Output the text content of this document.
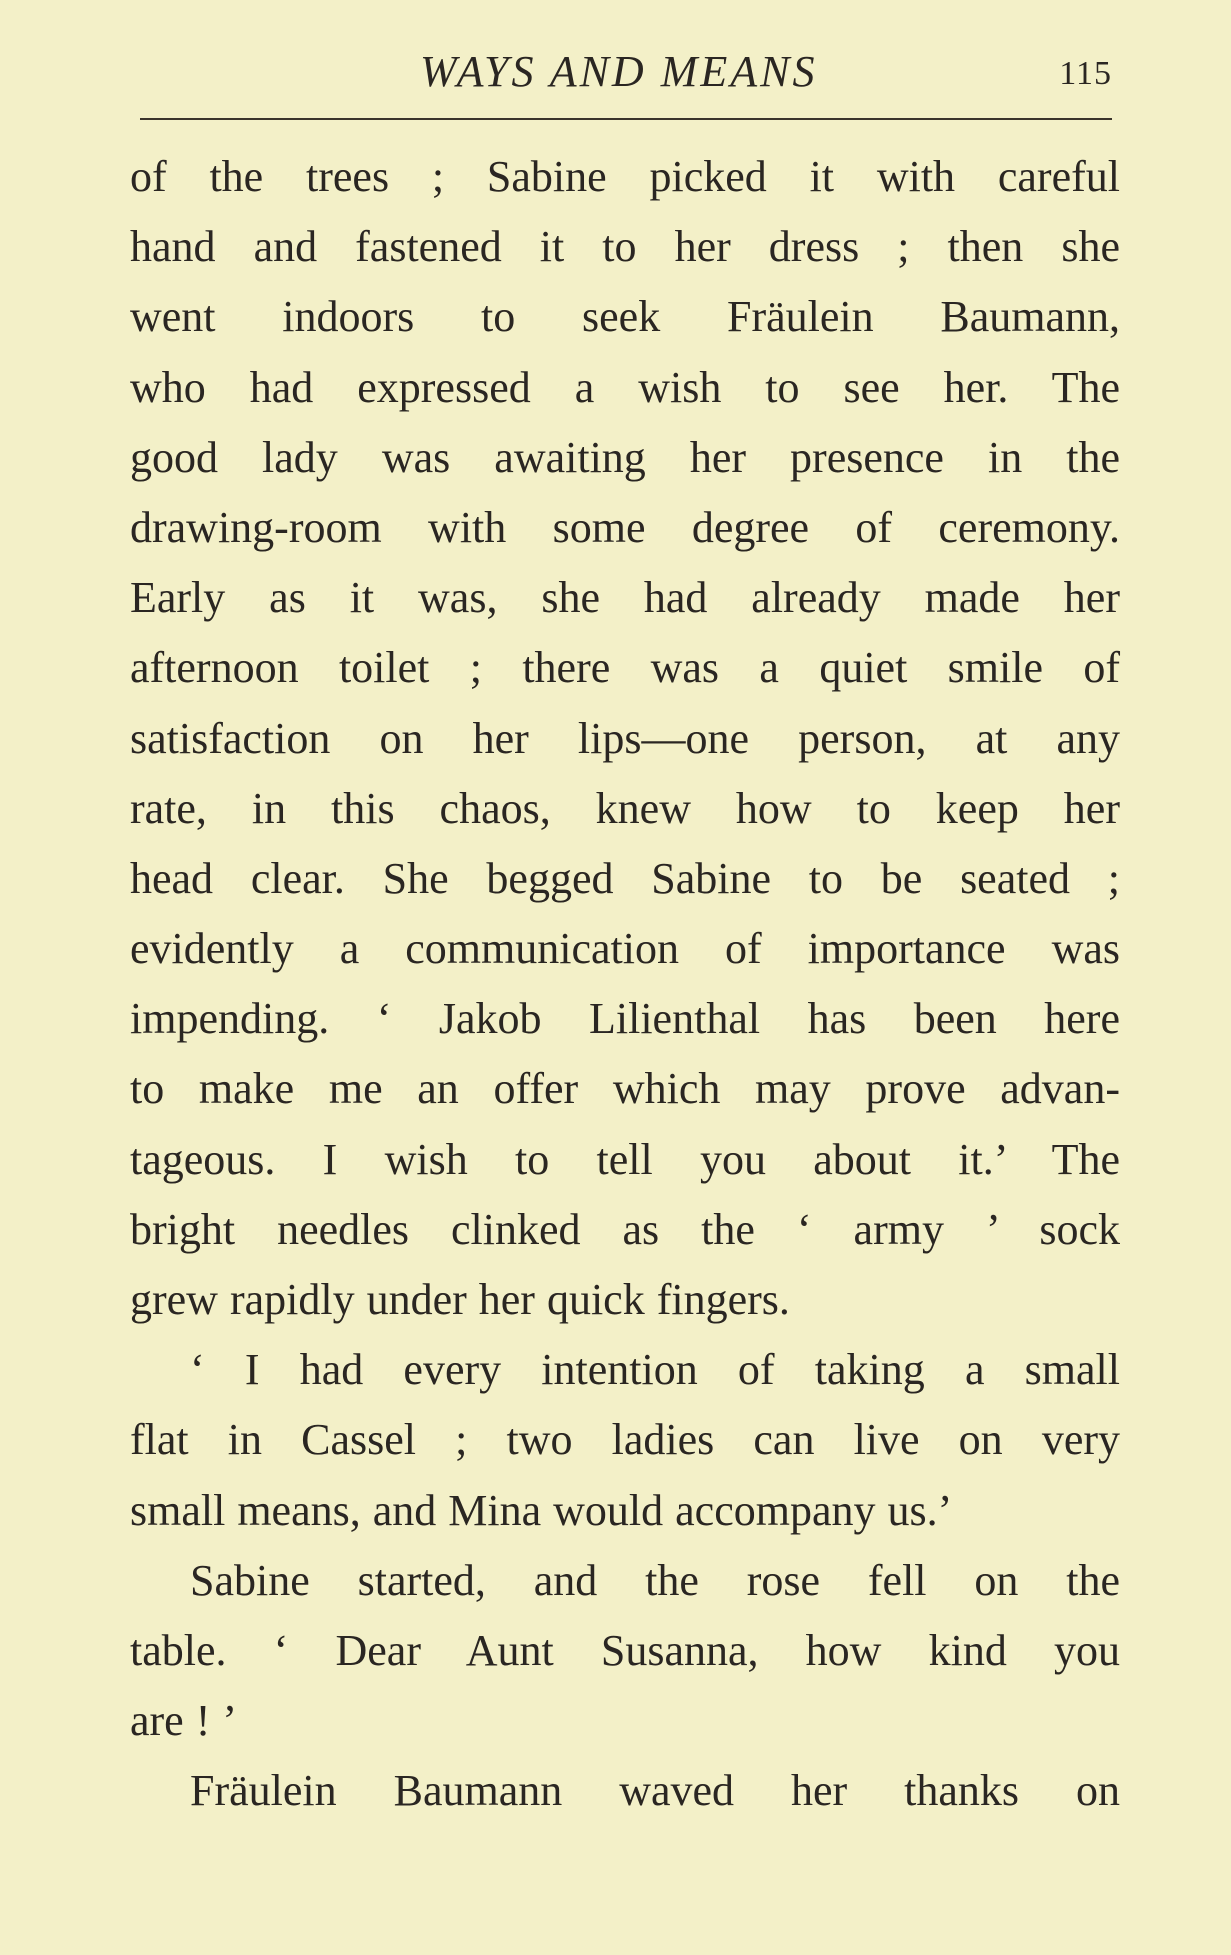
WAYS AND MEANS	115
of the trees ; Sabine picked it with careful
hand and fastened it to her dress ; then she
went indoors to seek Fräulein Baumann,
who had expressed a wish to see her. The
good lady was awaiting her presence in the
drawing-room with some degree of ceremony.
Early as it was, she had already made her
afternoon toilet ; there was a quiet smile of
satisfaction on her lips—one person, at any
rate, in this chaos, knew how to keep her
head clear. She begged Sabine to be seated ;
evidently a communication of importance was
impending. ‘ Jakob Lilienthal has been here
to make me an offer which may prove advan-
tageous. I wish to tell you about it.’ The
bright needles clinked as the ‘ army ’ sock
grew rapidly under her quick fingers.
‘ I had every intention of taking a small
flat in Cassel ; two ladies can live on very
small means, and Mina would accompany us.’
Sabine started, and the rose fell on the
table. ‘ Dear Aunt Susanna, how kind you
are ! ’
Fräulein Baumann waved her thanks on
